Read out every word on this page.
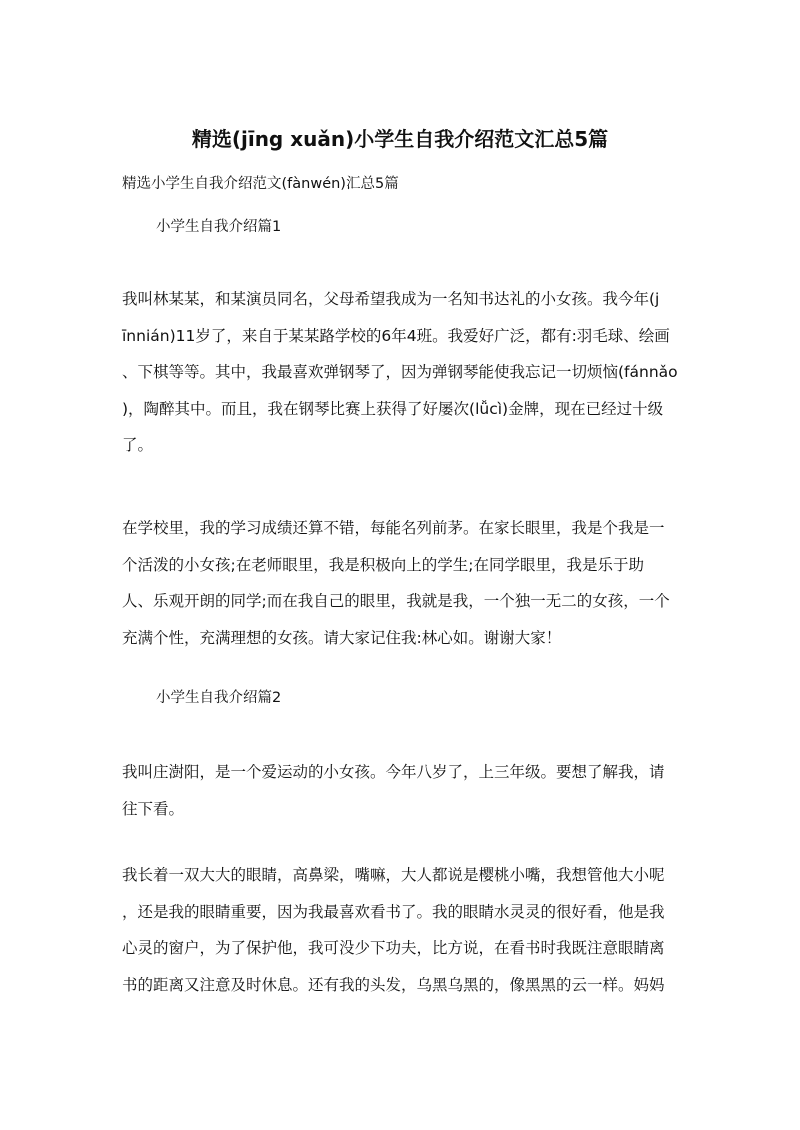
精选(jīng xuǎn)小学生自我介绍范文汇总5篇
精选小学生自我介绍范文(fànwén)汇总5篇
小学生自我介绍篇1
我叫林某某，和某演员同名，父母希望我成为一名知书达礼的小女孩。我今年(j
īnnián)11岁了，来自于某某路学校的6年4班。我爱好广泛，都有:羽毛球、绘画
、下棋等等。其中，我最喜欢弹钢琴了，因为弹钢琴能使我忘记一切烦恼(fánnǎo
)，陶醉其中。而且，我在钢琴比赛上获得了好屡次(lǚcì)金牌，现在已经过十级
了。
在学校里，我的学习成绩还算不错，每能名列前茅。在家长眼里，我是个我是一
个活泼的小女孩;在老师眼里，我是积极向上的学生;在同学眼里，我是乐于助
人、乐观开朗的同学;而在我自己的眼里，我就是我，一个独一无二的女孩，一个
充满个性，充满理想的女孩。请大家记住我:林心如。谢谢大家！
小学生自我介绍篇2
我叫庄澍阳，是一个爱运动的小女孩。今年八岁了，上三年级。要想了解我，请
往下看。
我长着一双大大的眼睛，高鼻梁，嘴嘛，大人都说是樱桃小嘴，我想管他大小呢
，还是我的眼睛重要，因为我最喜欢看书了。我的眼睛水灵灵的很好看，他是我
心灵的窗户，为了保护他，我可没少下功夫，比方说，在看书时我既注意眼睛离
书的距离又注意及时休息。还有我的头发，乌黑乌黑的，像黑黑的云一样。妈妈
